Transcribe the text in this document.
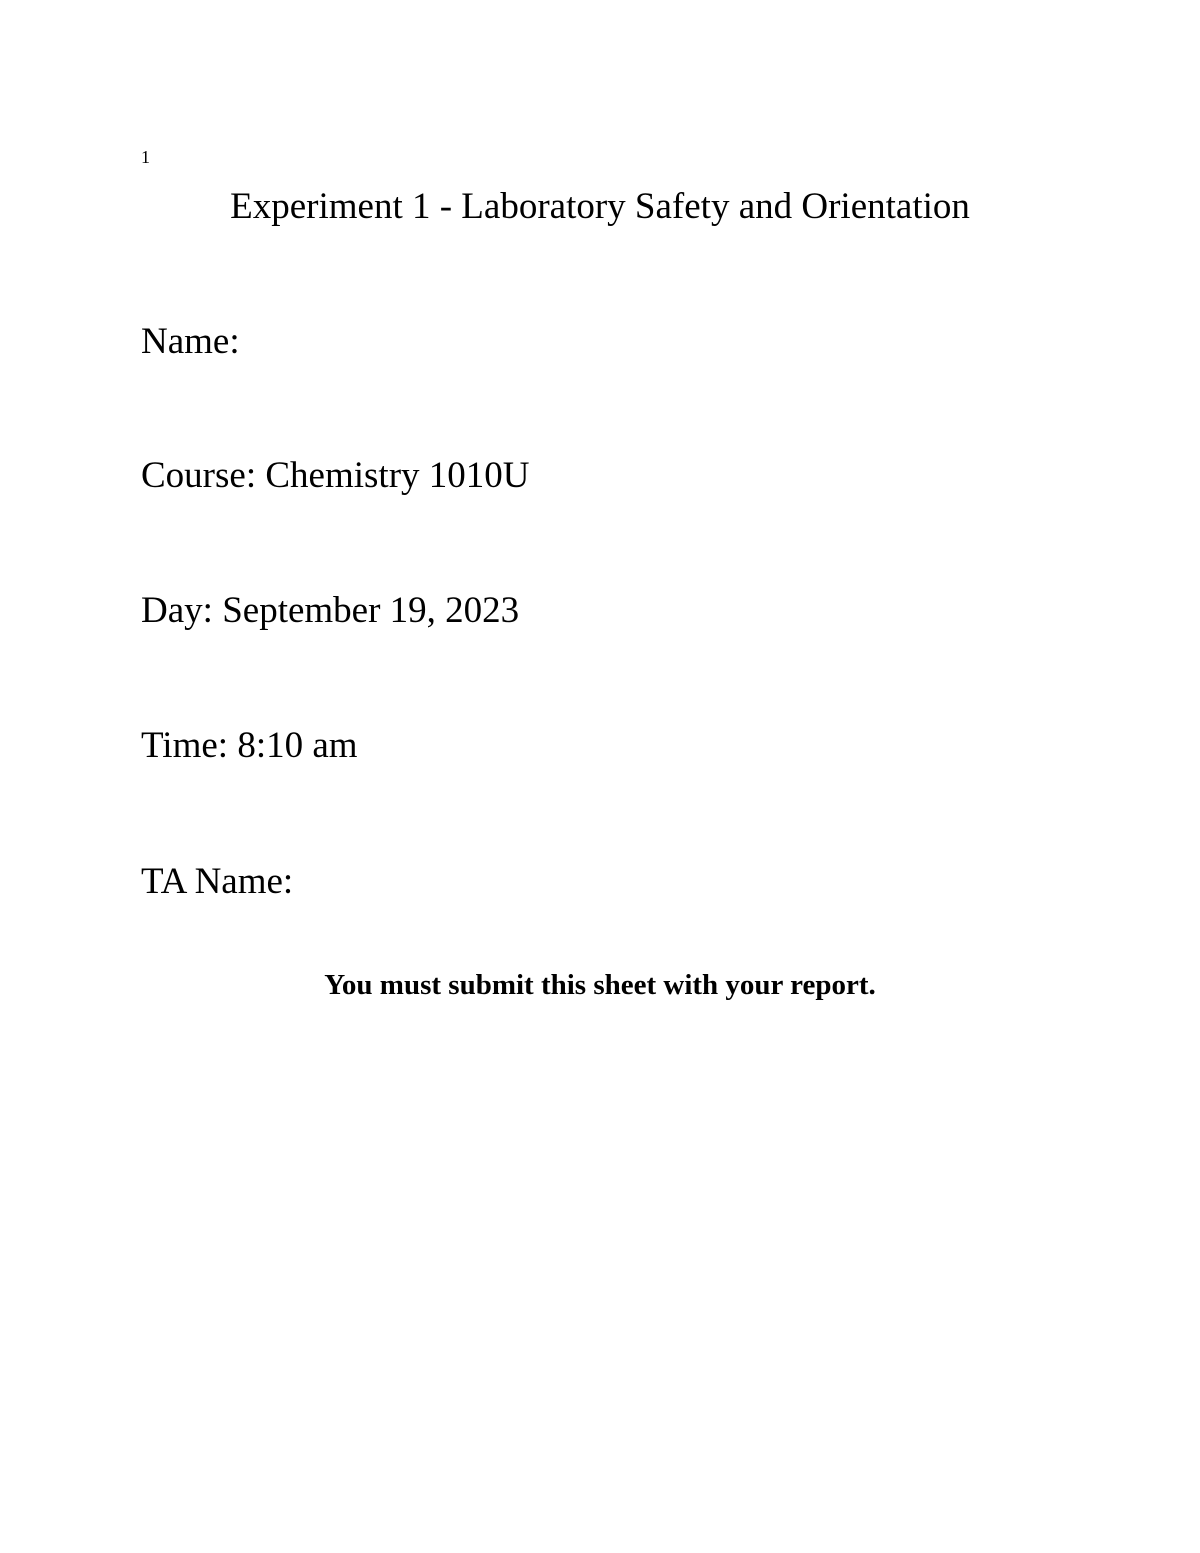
1
Experiment 1 - Laboratory Safety and Orientation
Name:
Course: Chemistry 1010U
Day: September 19, 2023
Time: 8:10 am
TA Name:
You must submit this sheet with your report.
